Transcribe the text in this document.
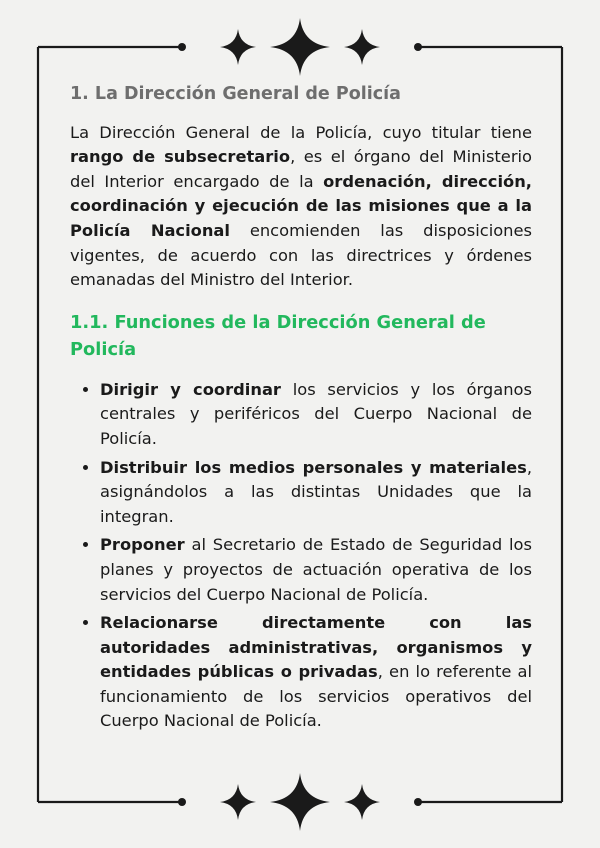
1. La Dirección General de Policía

La Dirección General de la Policía, cuyo titular tiene rango de subsecretario, es el órgano del Ministerio del Interior encargado de la ordenación, dirección, coordinación y ejecución de las misiones que a la Policía Nacional encomienden las disposiciones vigentes, de acuerdo con las directrices y órdenes emanadas del Ministro del Interior.

1.1. Funciones de la Dirección General de Policía
• Dirigir y coordinar los servicios y los órganos centrales y periféricos del Cuerpo Nacional de Policía.
• Distribuir los medios personales y materiales, asignándolos a las distintas Unidades que la integran.
• Proponer al Secretario de Estado de Seguridad los planes y proyectos de actuación operativa de los servicios del Cuerpo Nacional de Policía.
• Relacionarse directamente con las autoridades administrativas, organismos y entidades públicas o privadas, en lo referente al funcionamiento de los servicios operativos del Cuerpo Nacional de Policía.
